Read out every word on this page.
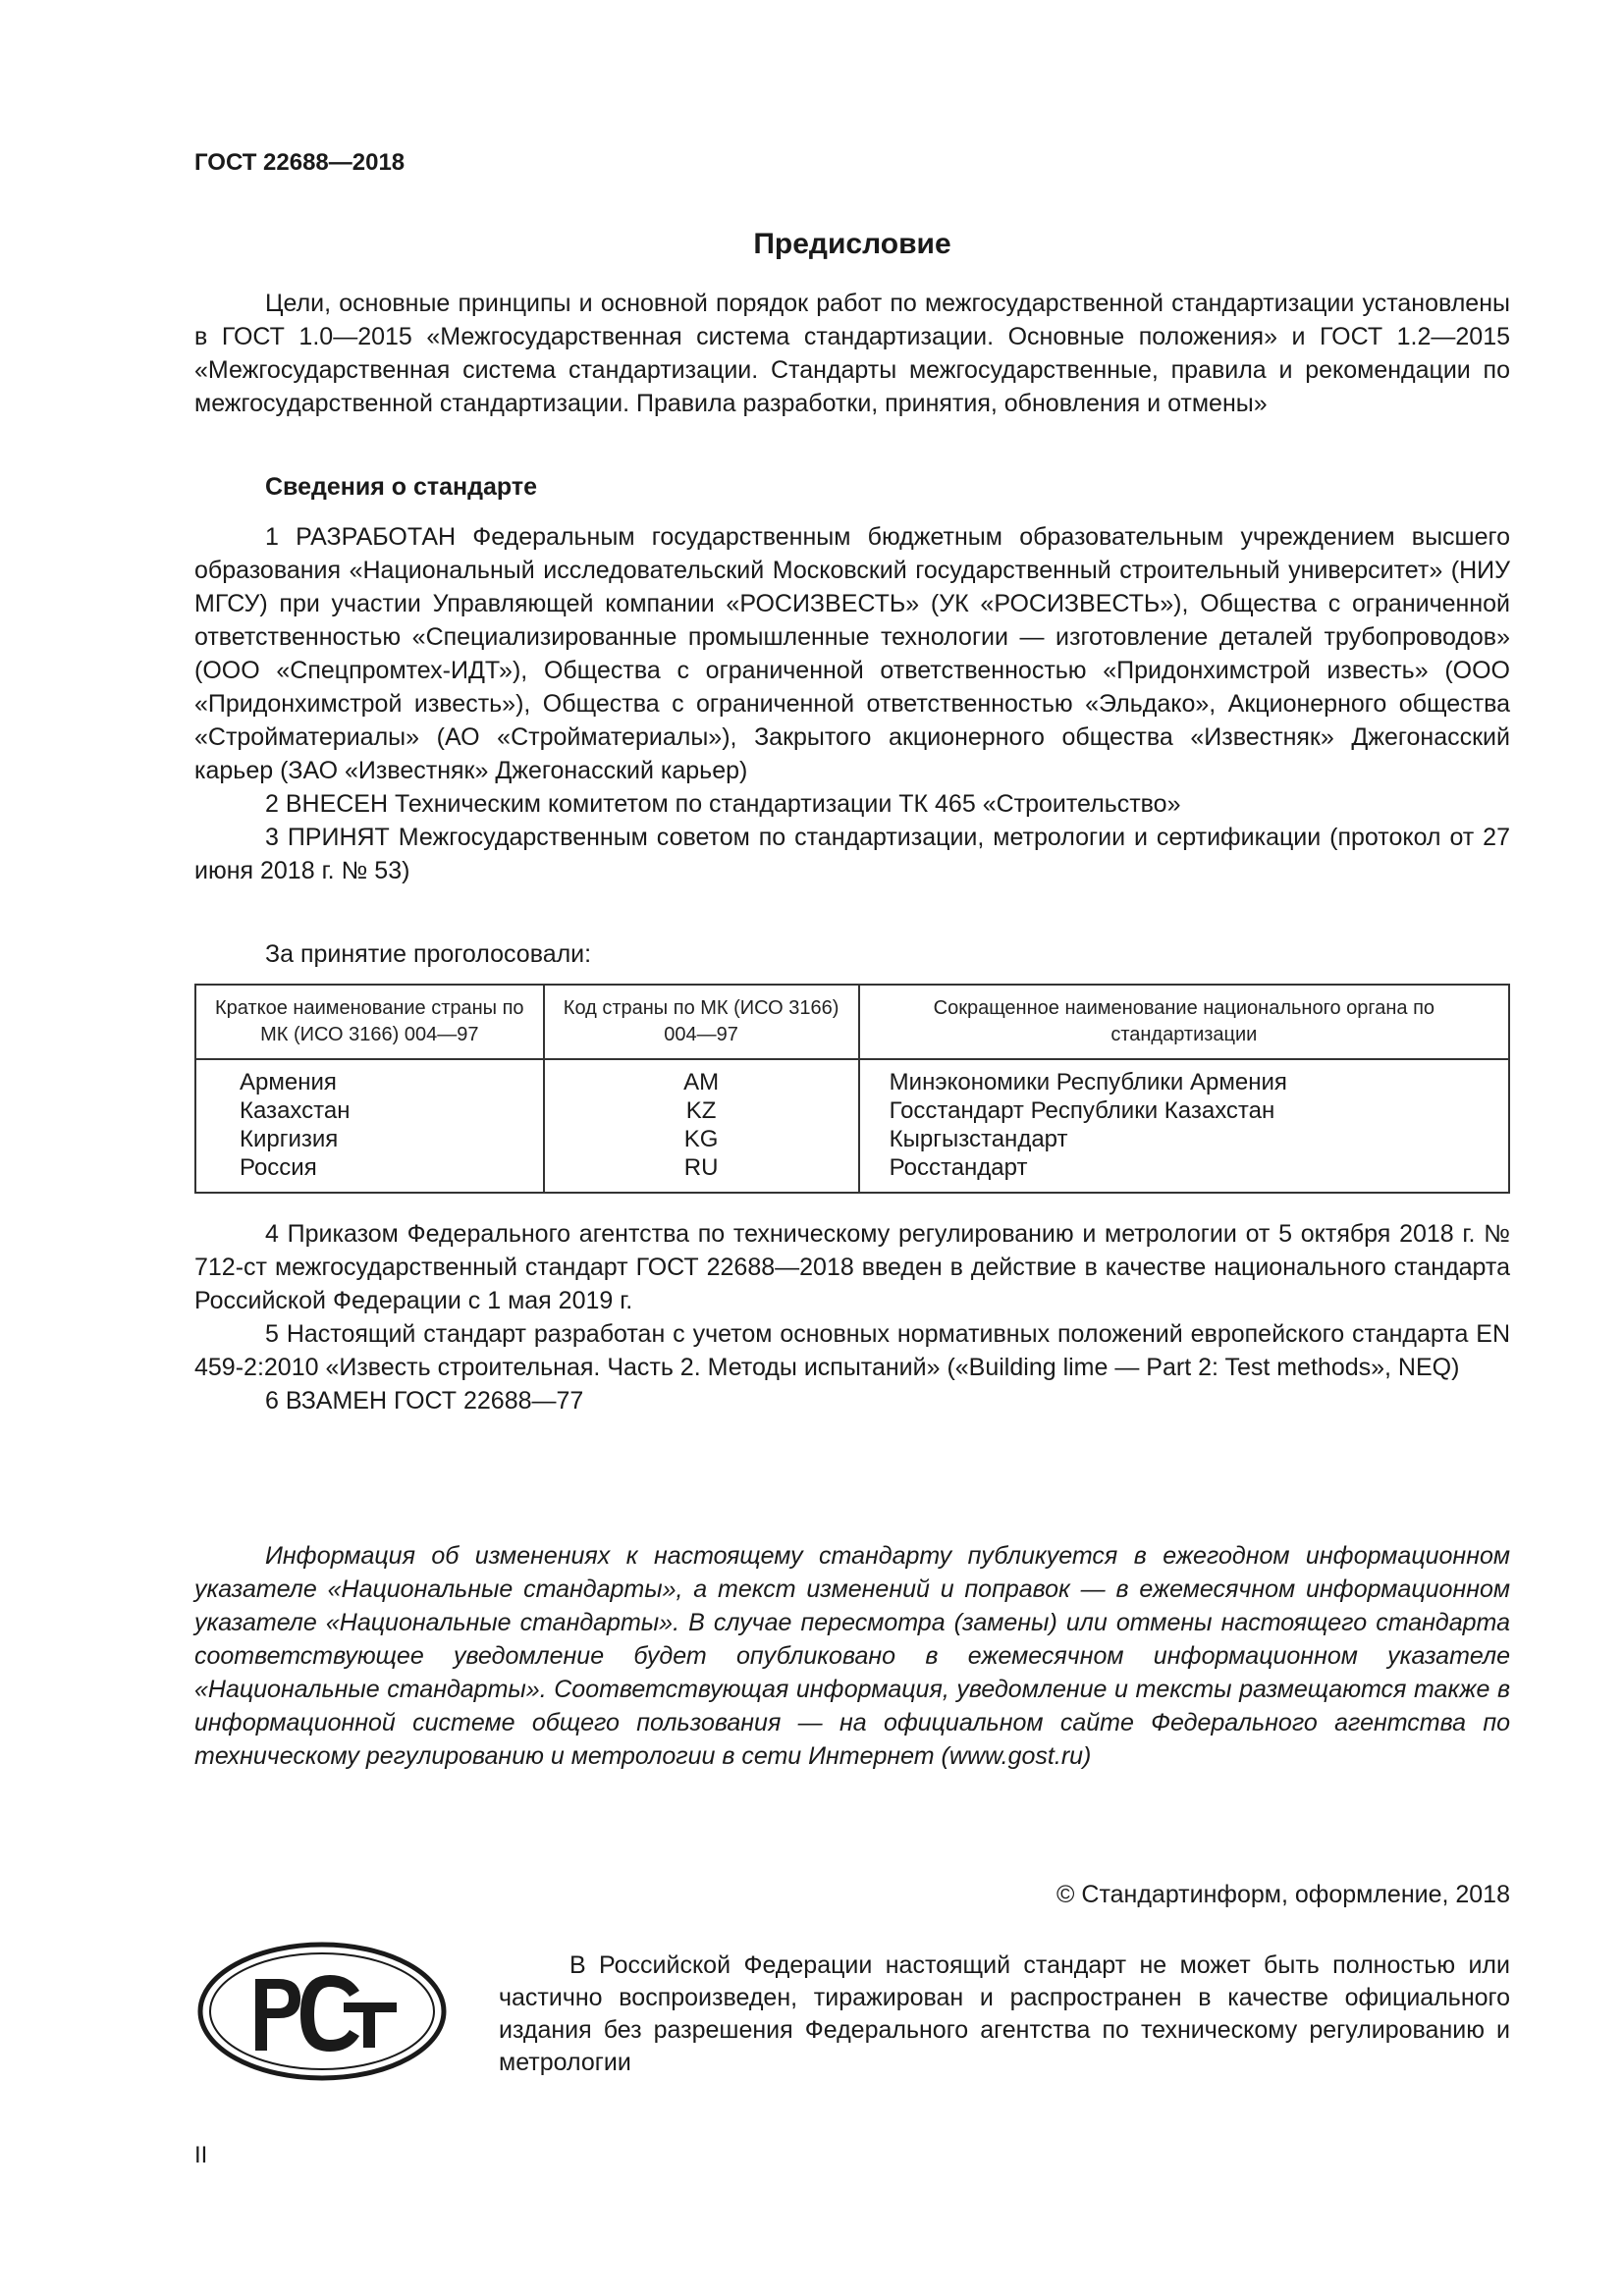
ГОСТ 22688—2018
Предисловие

Цели, основные принципы и основной порядок работ по межгосударственной стандартизации установлены в ГОСТ 1.0—2015 «Межгосударственная система стандартизации. Основные положения» и ГОСТ 1.2—2015 «Межгосударственная система стандартизации. Стандарты межгосударственные, правила и рекомендации по межгосударственной стандартизации. Правила разработки, принятия, обновления и отмены»

Сведения о стандарте

1 РАЗРАБОТАН Федеральным государственным бюджетным образовательным учреждением высшего образования «Национальный исследовательский Московский государственный строительный университет» (НИУ МГСУ) при участии Управляющей компании «РОСИЗВЕСТЬ» (УК «РОСИЗВЕСТЬ»), Общества с ограниченной ответственностью «Специализированные промышленные технологии — изготовление деталей трубопроводов» (ООО «Спецпромтех-ИДТ»), Общества с ограниченной ответственностью «Придонхимстрой известь» (ООО «Придонхимстрой известь»), Общества с ограниченной ответственностью «Эльдако», Акционерного общества «Стройматериалы» (АО «Стройматериалы»), Закрытого акционерного общества «Известняк» Джегонасский карьер (ЗАО «Известняк» Джегонасский карьер)

2 ВНЕСЕН Техническим комитетом по стандартизации ТК 465 «Строительство»

3 ПРИНЯТ Межгосударственным советом по стандартизации, метрологии и сертификации (протокол от 27 июня 2018 г. № 53)

За принятие проголосовали:
Краткое наименование страны по МК (ИСО 3166) 004—97	Код страны по МК (ИСО 3166) 004—97	Сокращенное наименование национального органа по стандартизации
Армения	AM	Минэкономики Республики Армения
Казахстан	KZ	Госстандарт Республики Казахстан
Киргизия	KG	Кыргызстандарт
Россия	RU	Росстандарт

4 Приказом Федерального агентства по техническому регулированию и метрологии от 5 октября 2018 г. № 712-ст межгосударственный стандарт ГОСТ 22688—2018 введен в действие в качестве национального стандарта Российской Федерации с 1 мая 2019 г.

5 Настоящий стандарт разработан с учетом основных нормативных положений европейского стандарта EN 459-2:2010 «Известь строительная. Часть 2. Методы испытаний» («Building lime — Part 2: Test methods», NEQ)

6 ВЗАМЕН ГОСТ 22688—77

Информация об изменениях к настоящему стандарту публикуется в ежегодном информационном указателе «Национальные стандарты», а текст изменений и поправок — в ежемесячном информационном указателе «Национальные стандарты». В случае пересмотра (замены) или отмены настоящего стандарта соответствующее уведомление будет опубликовано в ежемесячном информационном указателе «Национальные стандарты». Соответствующая информация, уведомление и тексты размещаются также в информационной системе общего пользования — на официальном сайте Федерального агентства по техническому регулированию и метрологии в сети Интернет (www.gost.ru)

© Стандартинформ, оформление, 2018

В Российской Федерации настоящий стандарт не может быть полностью или частично воспроизведен, тиражирован и распространен в качестве официального издания без разрешения Федерального агентства по техническому регулированию и метрологии

II
